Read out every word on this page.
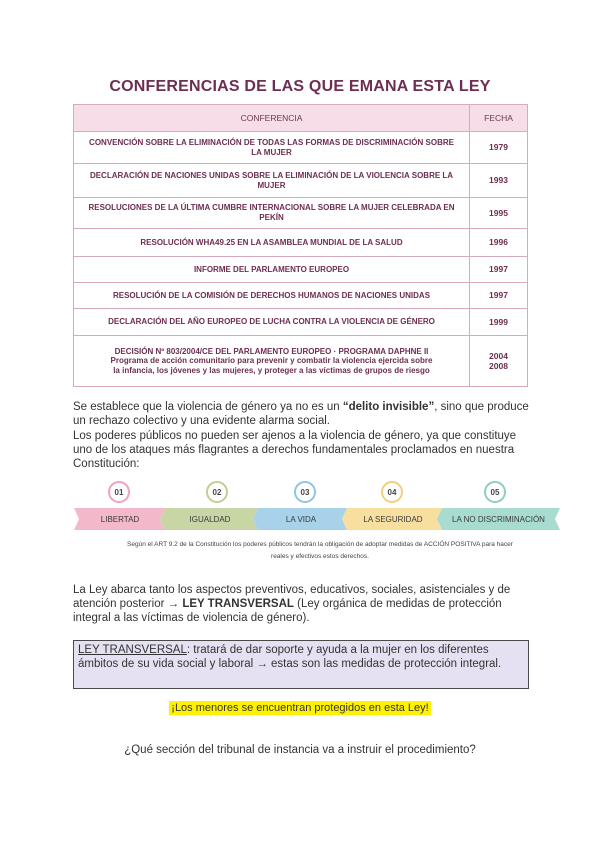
CONFERENCIAS DE LAS QUE EMANA ESTA LEY
CONFERENCIA	FECHA

CONVENCIÓN SOBRE LA ELIMINACIÓN DE TODAS LAS FORMAS DE DISCRIMINACIÓN SOBRE
LA MUJER	1979

DECLARACIÓN DE NACIONES UNIDAS SOBRE LA ELIMINACIÓN DE LA VIOLENCIA SOBRE LA
MUJER	1993

RESOLUCIONES DE LA ÚLTIMA CUMBRE INTERNACIONAL SOBRE LA MUJER CELEBRADA EN
PEKÍN	1995
RESOLUCIÓN WHA49.25 EN LA ASAMBLEA MUNDIAL DE LA SALUD	1996
INFORME DEL PARLAMENTO EUROPEO	1997
RESOLUCIÓN DE LA COMISIÓN DE DERECHOS HUMANOS DE NACIONES UNIDAS	1997
DECLARACIÓN DEL AÑO EUROPEO DE LUCHA CONTRA LA VIOLENCIA DE GÉNERO	1999

DECISIÓN Nº 803/2004/CE DEL PARLAMENTO EUROPEO · PROGRAMA DAPHNE II
Programa de acción comunitario para prevenir y combatir la violencia ejercida sobre
la infancia, los jóvenes y las mujeres, y proteger a las víctimas de grupos de riesgo	2004
2008
Se establece que la violencia de género ya no es un “delito invisible”, sino que produce un rechazo colectivo y una evidente alarma social.
Los poderes públicos no pueden ser ajenos a la violencia de género, ya que constituye uno de los ataques más flagrantes a derechos fundamentales proclamados en nuestra Constitución:
01	02	03	04	05
LIBERTAD	IGUALDAD	LA VIDA	LA SEGURIDAD	LA NO DISCRIMINACIÓN
Según el ART 9.2 de la Constitución los poderes públicos tendrán la obligación de adoptar medidas de ACCIÓN POSITIVA para hacer
reales y efectivos estos derechos.
La Ley abarca tanto los aspectos preventivos, educativos, sociales, asistenciales y de atención posterior → LEY TRANSVERSAL (Ley orgánica de medidas de protección integral a las víctimas de violencia de género).
LEY TRANSVERSAL: tratará de dar soporte y ayuda a la mujer en los diferentes ámbitos de su vida social y laboral → estas son las medidas de protección integral.
¡Los menores se encuentran protegidos en esta Ley!
¿Qué sección del tribunal de instancia va a instruir el procedimiento?
